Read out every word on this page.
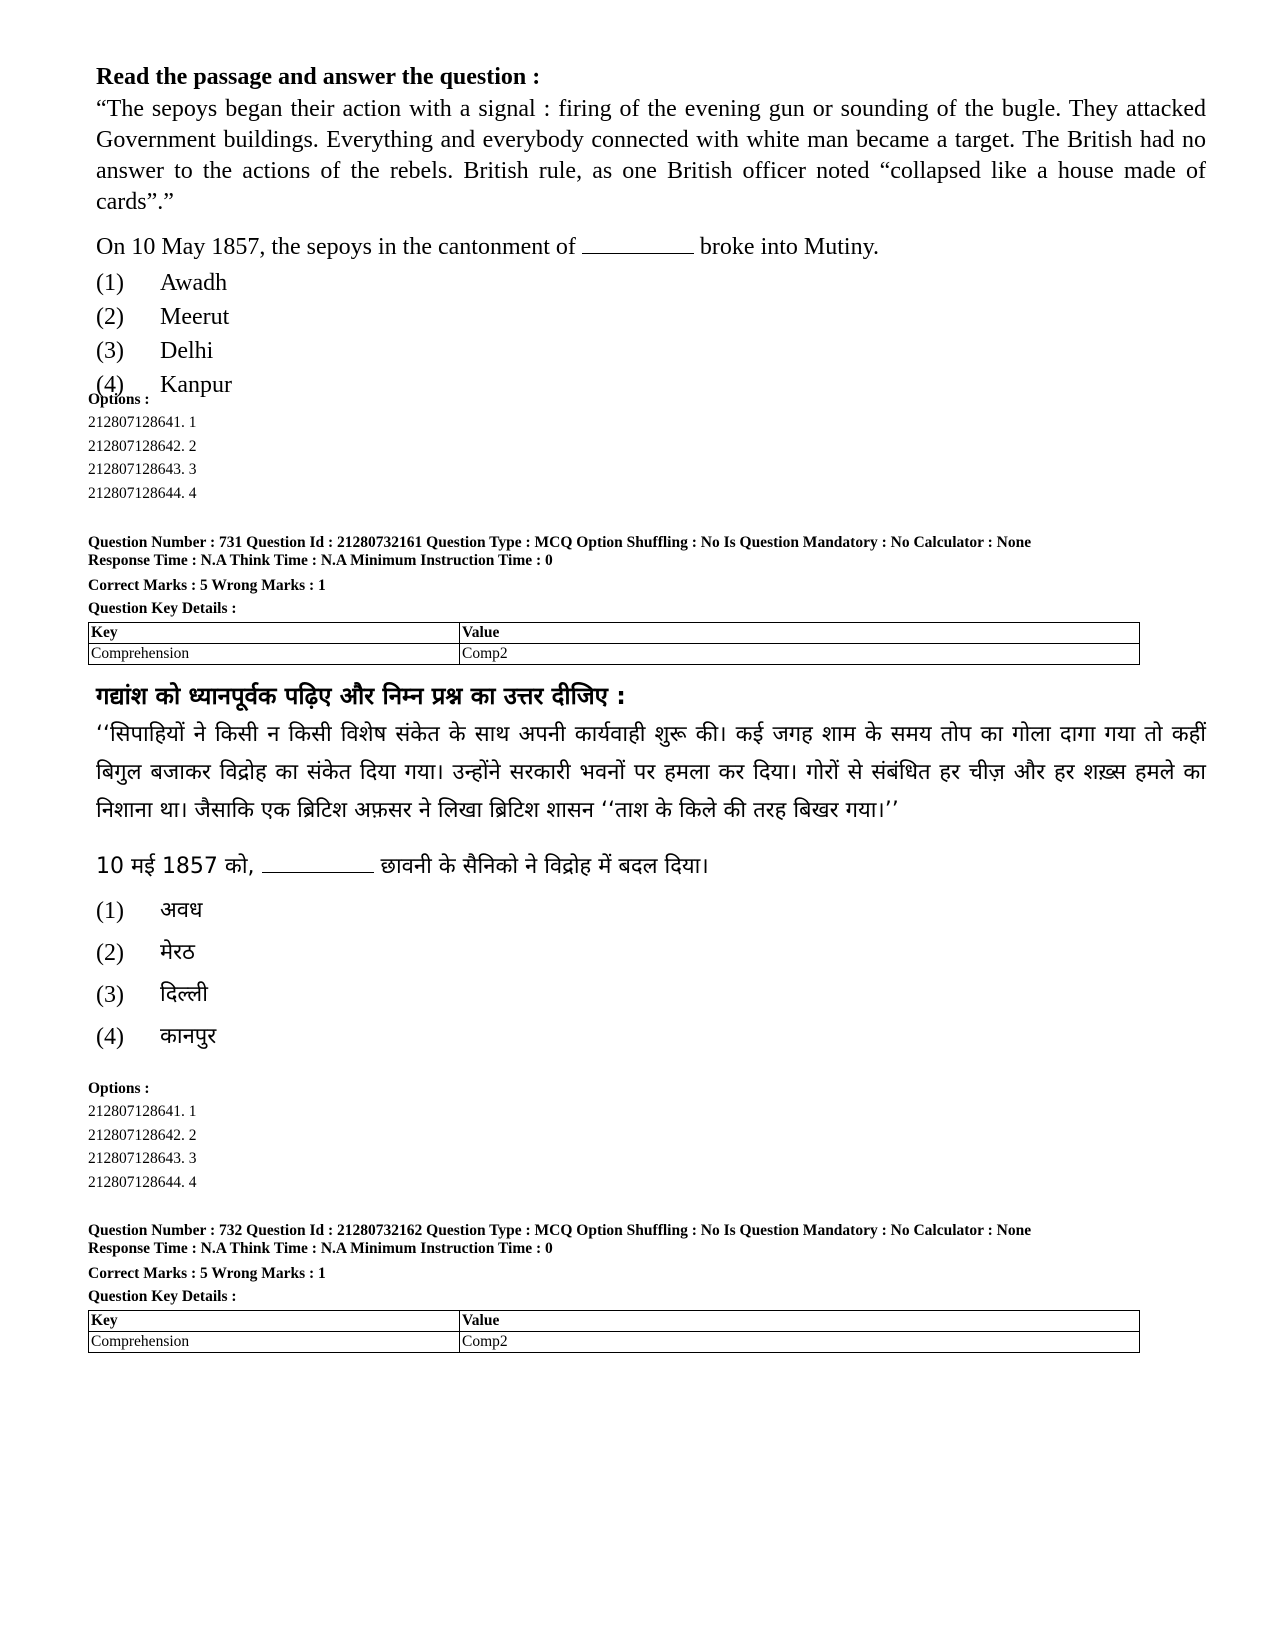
Read the passage and answer the question :
“The sepoys began their action with a signal : firing of the evening gun or sounding of the bugle. They attacked Government buildings. Everything and everybody connected with white man became a target. The British had no answer to the actions of the rebels. British rule, as one British officer noted “collapsed like a house made of cards”.”
On 10 May 1857, the sepoys in the cantonment of	broke into Mutiny.
(1)	Awadh
(2)	Meerut
(3)	Delhi
(4)	Kanpur
Options :
212807128641. 1
212807128642. 2
212807128643. 3
212807128644. 4
Question Number : 731 Question Id : 21280732161 Question Type : MCQ Option Shuffling : No Is Question Mandatory : No Calculator : None
Response Time : N.A Think Time : N.A Minimum Instruction Time : 0
Correct Marks : 5 Wrong Marks : 1
Question Key Details :
Key	Value
Comprehension	Comp2
गद्यांश को ध्यानपूर्वक पढ़िए और निम्न प्रश्न का उत्तर दीजिए :
‘‘सिपाहियों ने किसी न किसी विशेष संकेत के साथ अपनी कार्यवाही शुरू की। कई जगह शाम के समय तोप का गोला दागा गया तो कहीं बिगुल बजाकर विद्रोह का संकेत दिया गया। उन्होंने सरकारी भवनों पर हमला कर दिया। गोरों से संबंधित हर चीज़ और हर शख़्स हमले का निशाना था। जैसाकि एक ब्रिटिश अफ़सर ने लिखा ब्रिटिश शासन ‘‘ताश के किले की तरह बिखर गया।’’
10 मई 1857 को,	छावनी के सैनिको ने विद्रोह में बदल दिया।
(1)	अवध
(2)	मेरठ
(3)	दिल्ली
(4)	कानपुर
Options :
212807128641. 1
212807128642. 2
212807128643. 3
212807128644. 4
Question Number : 732 Question Id : 21280732162 Question Type : MCQ Option Shuffling : No Is Question Mandatory : No Calculator : None
Response Time : N.A Think Time : N.A Minimum Instruction Time : 0
Correct Marks : 5 Wrong Marks : 1
Question Key Details :
Key	Value
Comprehension	Comp2
